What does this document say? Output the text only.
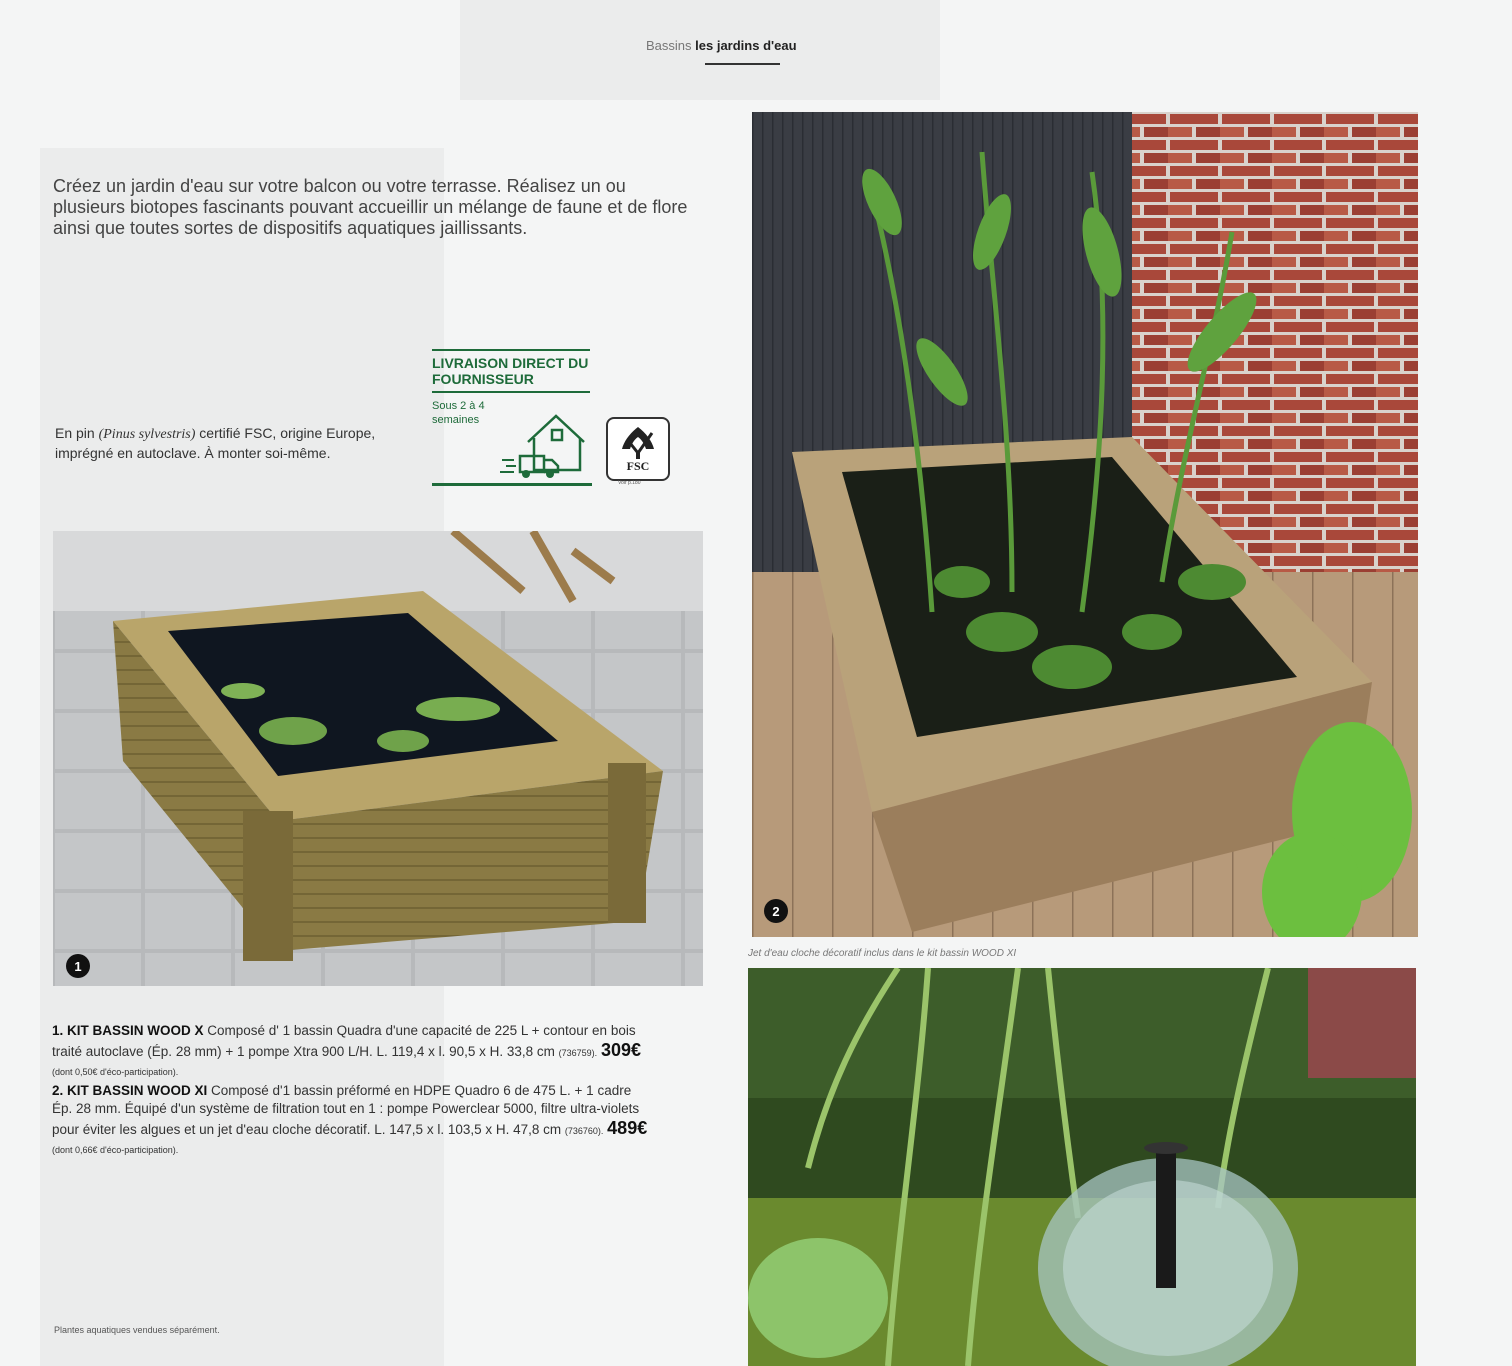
Bassins les jardins d'eau
Créez un jardin d'eau sur votre balcon ou votre terrasse. Réalisez un ou plusieurs biotopes fascinants pouvant accueillir un mélange de faune et de flore ainsi que toutes sortes de dispositifs aquatiques jaillissants.
En pin (Pinus sylvestris) certifié FSC, origine Europe, imprégné en autoclave. À monter soi-même.
LIVRAISON DIRECT DU FOURNISSEUR
Sous 2 à 4 semaines
FSC
Voir p.180
1
2
Jet d'eau cloche décoratif inclus dans le kit bassin WOOD XI

1. KIT BASSIN WOOD X Composé d' 1 bassin Quadra d'une capacité de 225 L + contour en bois traité autoclave (Ép. 28 mm) + 1 pompe Xtra 900 L/H. L. 119,4 x l. 90,5 x H. 33,8 cm (736759). 309€ (dont 0,50€ d'éco-participation).

2. KIT BASSIN WOOD XI Composé d'1 bassin préformé en HDPE Quadro 6 de 475 L. + 1 cadre Ép. 28 mm. Équipé d'un système de filtration tout en 1 : pompe Powerclear 5000, filtre ultra-violets pour éviter les algues et un jet d'eau cloche décoratif. L. 147,5 x l. 103,5 x H. 47,8 cm (736760). 489€ (dont 0,66€ d'éco-participation).

Plantes aquatiques vendues séparément.
